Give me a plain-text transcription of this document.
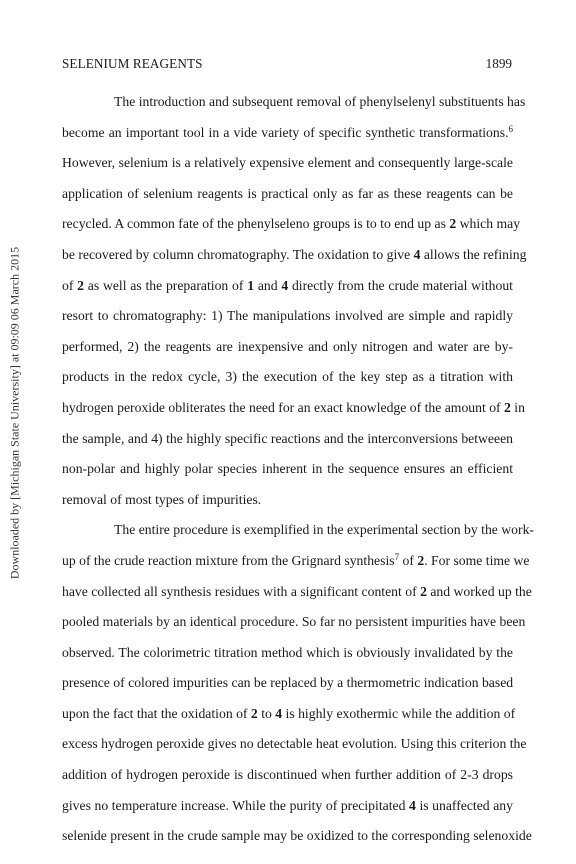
SELENIUM REAGENTS	1899
Downloaded by [Michigan State University] at 09:09 06 March 2015
The introduction and subsequent removal of phenylselenyl substituents has
become an important tool in a vide variety of specific synthetic transformations.$^6$
However, selenium is a relatively expensive element and consequently large-scale
application of selenium reagents is practical only as far as these reagents can be
recycled. A common fate of the phenylseleno groups is to to end up as 2 which may
be recovered by column chromatography. The oxidation to give 4 allows the refining
of 2 as well as the preparation of 1 and 4 directly from the crude material without
resort to chromatography: 1) The manipulations involved are simple and rapidly
performed, 2) the reagents are inexpensive and only nitrogen and water are by-
products in the redox cycle, 3) the execution of the key step as a titration with
hydrogen peroxide obliterates the need for an exact knowledge of the amount of 2 in
the sample, and 4) the highly specific reactions and the interconversions betweeen
non-polar and highly polar species inherent in the sequence ensures an efficient
removal of most types of impurities.
The entire procedure is exemplified in the experimental section by the work-
up of the crude reaction mixture from the Grignard synthesis$^7$ of 2. For some time we
have collected all synthesis residues with a significant content of 2 and worked up the
pooled materials by an identical procedure. So far no persistent impurities have been
observed. The colorimetric titration method which is obviously invalidated by the
presence of colored impurities can be replaced by a thermometric indication based
upon the fact that the oxidation of 2 to 4 is highly exothermic while the addition of
excess hydrogen peroxide gives no detectable heat evolution. Using this criterion the
addition of hydrogen peroxide is discontinued when further addition of 2-3 drops
gives no temperature increase. While the purity of precipitated 4 is unaffected any
selenide present in the crude sample may be oxidized to the corresponding selenoxide
